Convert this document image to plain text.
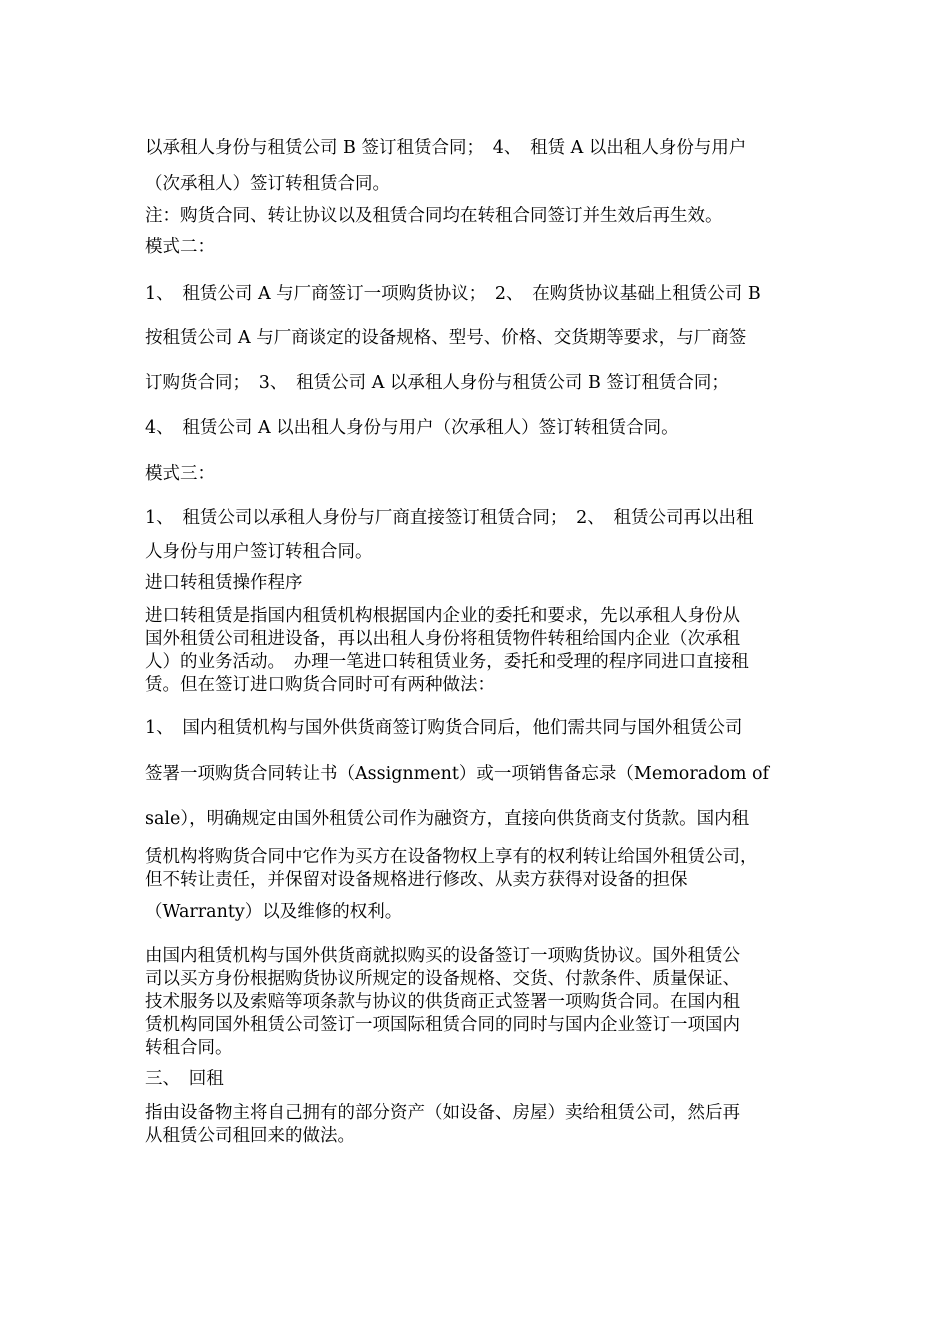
以承租人身份与租赁公司 B 签订租赁合同；　4、　租赁 A 以出租人身份与用户
（次承租人）签订转租赁合同。
注：购货合同、转让协议以及租赁合同均在转租合同签订并生效后再生效。
模式二：
1、　租赁公司 A 与厂商签订一项购货协议；　2、　在购货协议基础上租赁公司 B
按租赁公司 A 与厂商谈定的设备规格、型号、价格、交货期等要求，与厂商签
订购货合同；　3、　租赁公司 A 以承租人身份与租赁公司 B 签订租赁合同；
4、　租赁公司 A 以出租人身份与用户（次承租人）签订转租赁合同。
模式三：
1、　租赁公司以承租人身份与厂商直接签订租赁合同；　2、　租赁公司再以出租
人身份与用户签订转租合同。
进口转租赁操作程序
进口转租赁是指国内租赁机构根据国内企业的委托和要求，先以承租人身份从
国外租赁公司租进设备，再以出租人身份将租赁物件转租给国内企业（次承租
人）的业务活动。　办理一笔进口转租赁业务，委托和受理的程序同进口直接租
赁。但在签订进口购货合同时可有两种做法：
1、　国内租赁机构与国外供货商签订购货合同后，他们需共同与国外租赁公司
签署一项购货合同转让书（Assignment）或一项销售备忘录（Memoradom of
sale），明确规定由国外租赁公司作为融资方，直接向供货商支付货款。国内租
赁机构将购货合同中它作为买方在设备物权上享有的权利转让给国外租赁公司，
但不转让责任，并保留对设备规格进行修改、从卖方获得对设备的担保
（Warranty）以及维修的权利。
由国内租赁机构与国外供货商就拟购买的设备签订一项购货协议。国外租赁公
司以买方身份根据购货协议所规定的设备规格、交货、付款条件、质量保证、
技术服务以及索赔等项条款与协议的供货商正式签署一项购货合同。在国内租
赁机构同国外租赁公司签订一项国际租赁合同的同时与国内企业签订一项国内
转租合同。
三、　回租
指由设备物主将自己拥有的部分资产（如设备、房屋）卖给租赁公司，然后再
从租赁公司租回来的做法。
